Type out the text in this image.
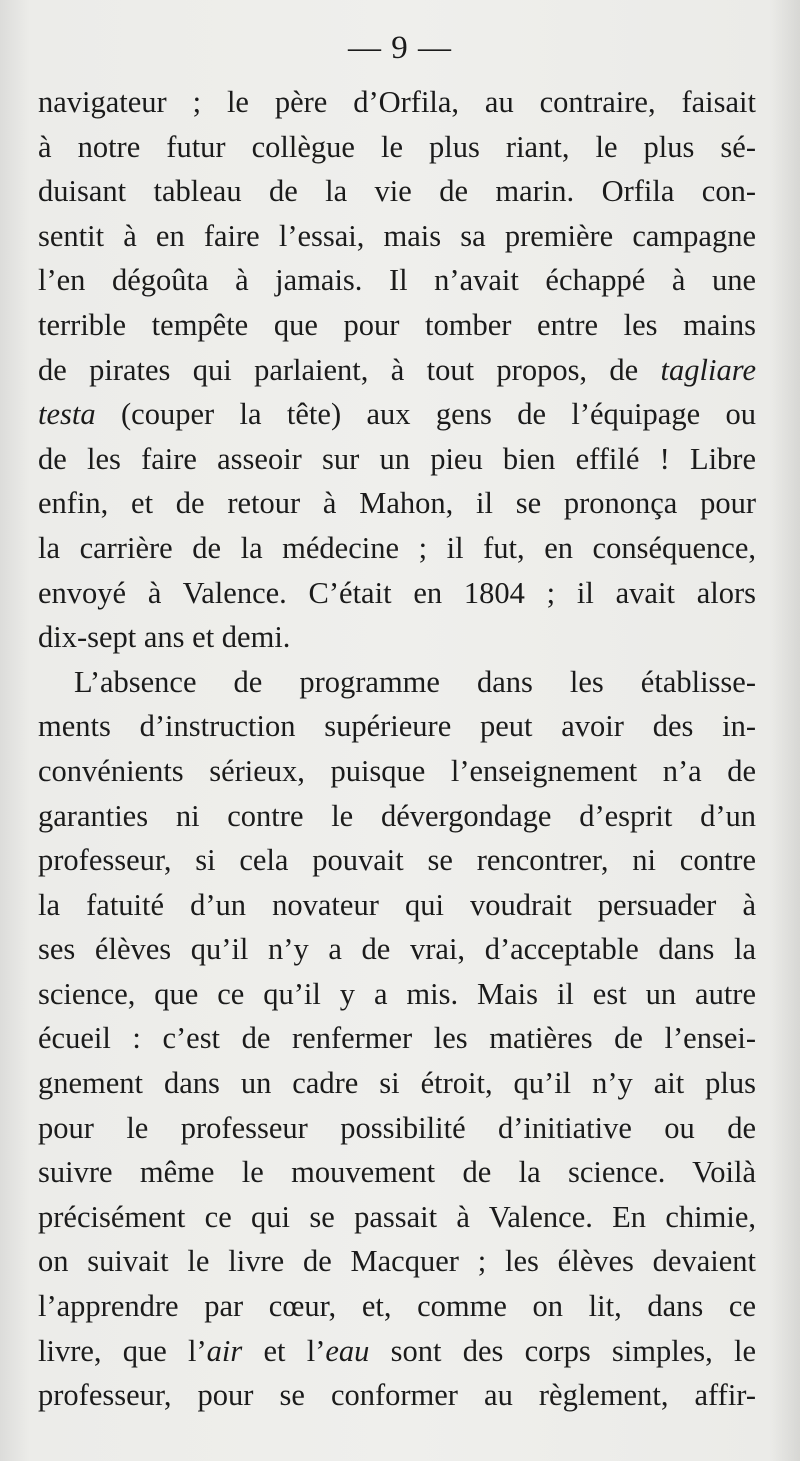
— 9 —
navigateur ; le père d’Orfila, au contraire, faisait
à notre futur collègue le plus riant, le plus sé-
duisant tableau de la vie de marin. Orfila con-
sentit à en faire l’essai, mais sa première campagne
l’en dégoûta à jamais. Il n’avait échappé à une
terrible tempête que pour tomber entre les mains
de pirates qui parlaient, à tout propos, de tagliare
testa (couper la tête) aux gens de l’équipage ou
de les faire asseoir sur un pieu bien effilé ! Libre
enfin, et de retour à Mahon, il se prononça pour
la carrière de la médecine ; il fut, en conséquence,
envoyé à Valence. C’était en 1804 ; il avait alors
dix-sept ans et demi.
L’absence de programme dans les établisse-
ments d’instruction supérieure peut avoir des in-
convénients sérieux, puisque l’enseignement n’a de
garanties ni contre le dévergondage d’esprit d’un
professeur, si cela pouvait se rencontrer, ni contre
la fatuité d’un novateur qui voudrait persuader à
ses élèves qu’il n’y a de vrai, d’acceptable dans la
science, que ce qu’il y a mis. Mais il est un autre
écueil : c’est de renfermer les matières de l’ensei-
gnement dans un cadre si étroit, qu’il n’y ait plus
pour le professeur possibilité d’initiative ou de
suivre même le mouvement de la science. Voilà
précisément ce qui se passait à Valence. En chimie,
on suivait le livre de Macquer ; les élèves devaient
l’apprendre par cœur, et, comme on lit, dans ce
livre, que l’air et l’eau sont des corps simples, le
professeur, pour se conformer au règlement, affir-
